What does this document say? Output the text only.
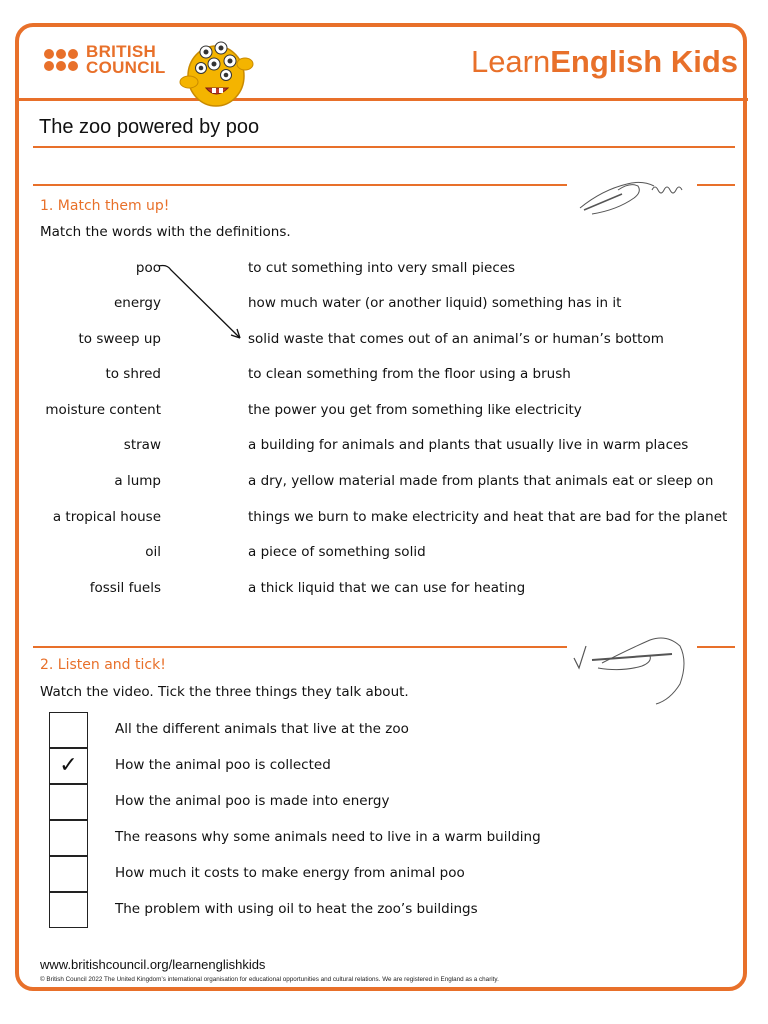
BRITISH
COUNCIL	LearnEnglish Kids
The zoo powered by poo
1. Match them up!
Match the words with the definitions.
poo
energy
to sweep up
to shred
moisture content
straw
a lump
a tropical house
oil
fossil fuels
to cut something into very small pieces
how much water (or another liquid) something has in it
solid waste that comes out of an animal’s or human’s bottom
to clean something from the floor using a brush
the power you get from something like electricity
a building for animals and plants that usually live in warm places
a dry, yellow material made from plants that animals eat or sleep on
things we burn to make electricity and heat that are bad for the planet
a piece of something solid
a thick liquid that we can use for heating
2. Listen and tick!
Watch the video. Tick the three things they talk about.
✓
All the different animals that live at the zoo
How the animal poo is collected
How the animal poo is made into energy
The reasons why some animals need to live in a warm building
How much it costs to make energy from animal poo
The problem with using oil to heat the zoo’s buildings
www.britishcouncil.org/learnenglishkids
© British Council 2022 The United Kingdom’s international organisation for educational opportunities and cultural relations. We are registered in England as a charity.
